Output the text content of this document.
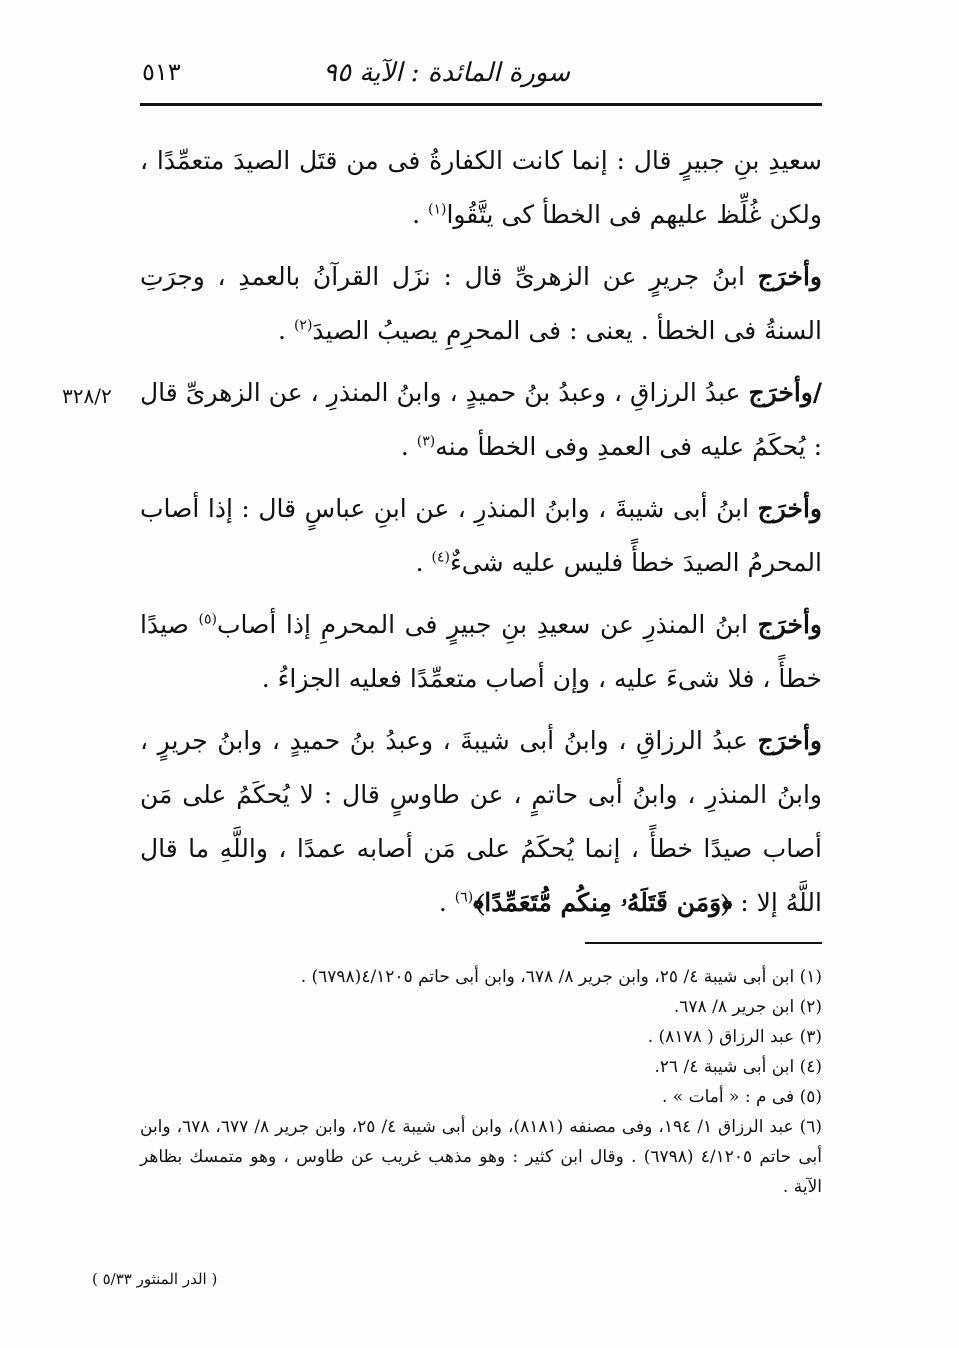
سورة المائدة : الآية ٩٥
٥١٣
٣٢٨/٢

سعيدِ بنِ جبيرٍ قال : إنما كانت الكفارةُ فى من قتَل الصيدَ متعمِّدًا ، ولكن غُلِّظ عليهم فى الخطأ كى يتَّقُوا$^{(١)}$ .

وأخرَج ابنُ جريرٍ عن الزهرىِّ قال : نزَل القرآنُ بالعمدِ ، وجرَتِ السنةُ فى الخطأ . يعنى : فى المحرِمِ يصيبُ الصيدَ$^{(٢)}$ .

/وأخرَج عبدُ الرزاقِ ، وعبدُ بنُ حميدٍ ، وابنُ المنذرِ ، عن الزهرىِّ قال : يُحكَمُ عليه فى العمدِ وفى الخطأ منه$^{(٣)}$ .

وأخرَج ابنُ أبى شيبةَ ، وابنُ المنذرِ ، عن ابنِ عباسٍ قال : إذا أصاب المحرمُ الصيدَ خطأً فليس عليه شىءٌ$^{(٤)}$ .

وأخرَج ابنُ المنذرِ عن سعيدِ بنِ جبيرٍ فى المحرمِ إذا أصاب$^{(٥)}$ صيدًا خطأً ، فلا شىءَ عليه ، وإن أصاب متعمِّدًا فعليه الجزاءُ .

وأخرَج عبدُ الرزاقِ ، وابنُ أبى شيبةَ ، وعبدُ بنُ حميدٍ ، وابنُ جريرٍ ، وابنُ المنذرِ ، وابنُ أبى حاتمٍ ، عن طاوسٍ قال : لا يُحكَمُ على مَن أصاب صيدًا خطأً ، إنما يُحكَمُ على مَن أصابه عمدًا ، واللَّهِ ما قال اللَّهُ إلا : ﴿وَمَن قَتَلَهُۥ مِنكُم مُّتَعَمِّدًا﴾$^{(٦)}$ .

(١) ابن أبى شيبة ٤/ ٢٥، وابن جرير ٨/ ٦٧٨، وابن أبى حاتم ٤/١٢٠٥(٦٧٩٨) .

(٢) ابن جرير ٨/ ٦٧٨.

(٣) عبد الرزاق ( ٨١٧٨) .

(٤) ابن أبى شيبة ٤/ ٢٦.

(٥) فى م : « أمات » .

(٦) عبد الرزاق ١/ ١٩٤، وفى مصنفه (٨١٨١)، وابن أبى شيبة ٤/ ٢٥، وابن جرير ٨/ ٦٧٧، ٦٧٨، وابن أبى حاتم ٤/١٢٠٥ (٦٧٩٨) . وقال ابن كثير : وهو مذهب غريب عن طاوس ، وهو متمسك بظاهر الآية .

( الدر المنثور ٥/٣٣ )
